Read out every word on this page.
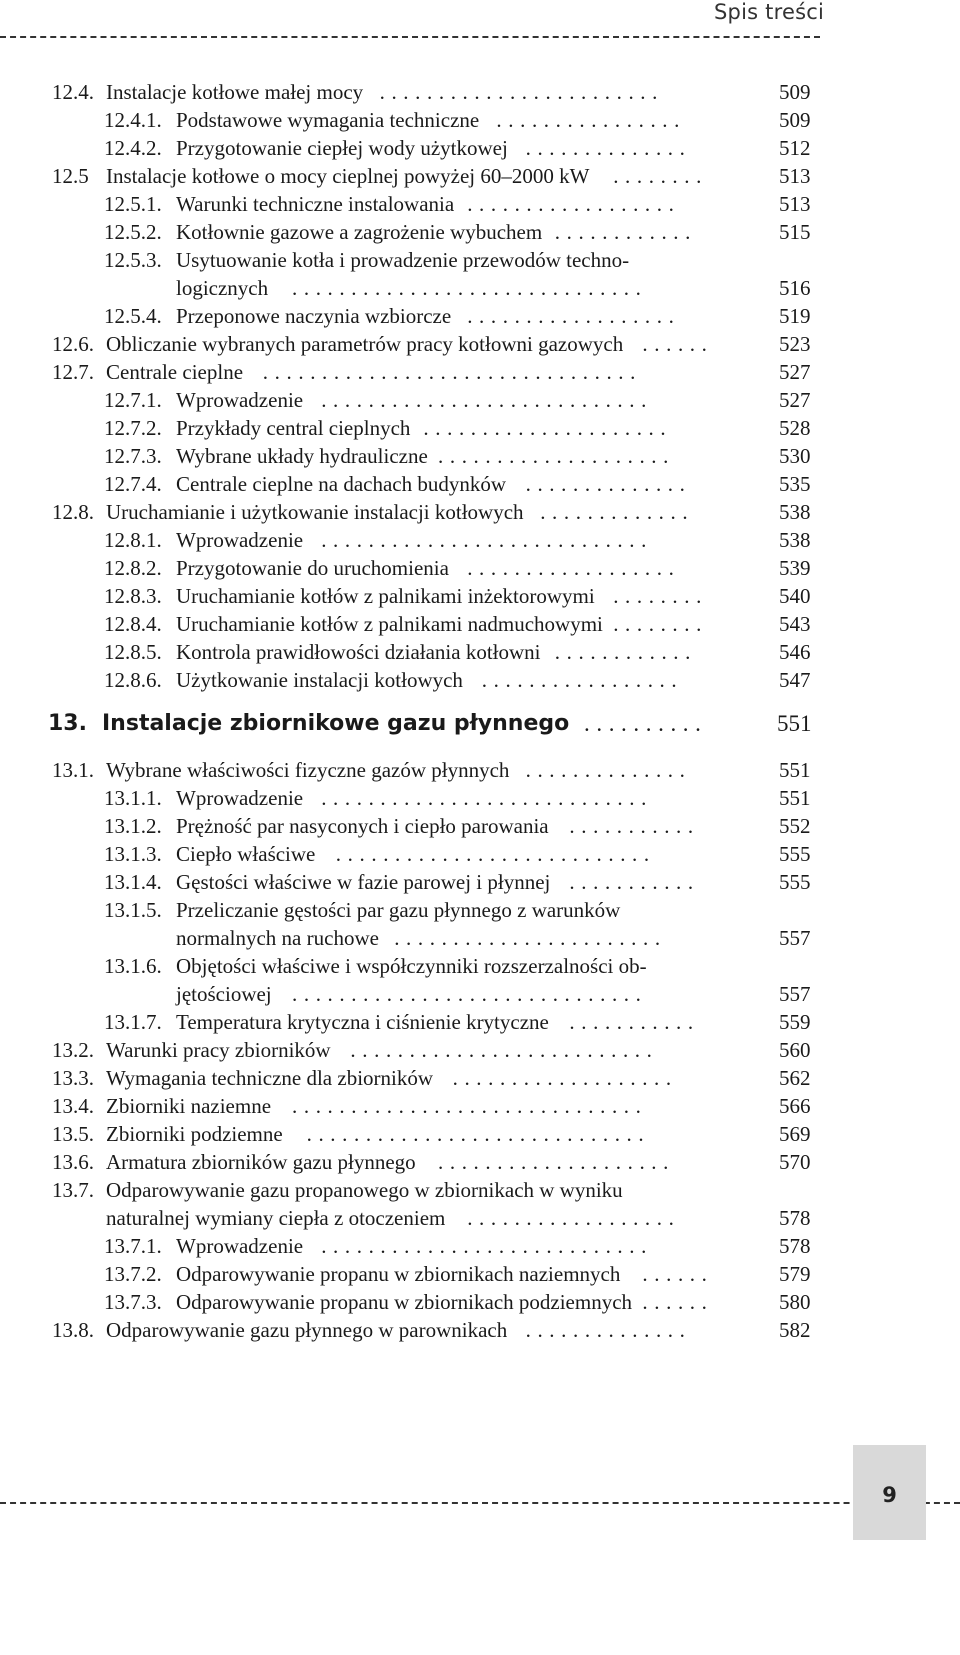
Spis treści
12.4. Instalacje kotłowe małej mocy ........................	509
12.4.1. Podstawowe wymagania techniczne ................	509
12.4.2. Przygotowanie ciepłej wody użytkowej ..............	512
12.5 Instalacje kotłowe o mocy cieplnej powyżej 60–2000 kW ........	513
12.5.1. Warunki techniczne instalowania ..................	513
12.5.2. Kotłownie gazowe a zagrożenie wybuchem ............	515
12.5.3. Usytuowanie kotła i prowadzenie przewodów techno-
logicznych ..............................	516
12.5.4. Przeponowe naczynia wzbiorcze ..................	519
12.6. Obliczanie wybranych parametrów pracy kotłowni gazowych ......	523
12.7. Centrale cieplne ................................	527
12.7.1. Wprowadzenie ............................	527
12.7.2. Przykłady central cieplnych .....................	528
12.7.3. Wybrane układy hydrauliczne ....................	530
12.7.4. Centrale cieplne na dachach budynków ..............	535
12.8. Uruchamianie i użytkowanie instalacji kotłowych .............	538
12.8.1. Wprowadzenie ............................	538
12.8.2. Przygotowanie do uruchomienia ..................	539
12.8.3. Uruchamianie kotłów z palnikami inżektorowymi ........	540
12.8.4. Uruchamianie kotłów z palnikami nadmuchowymi ........	543
12.8.5. Kontrola prawidłowości działania kotłowni ............	546
12.8.6. Użytkowanie instalacji kotłowych .................	547
13. Instalacje zbiornikowe gazu płynnego ..........	551
13.1. Wybrane właściwości fizyczne gazów płynnych ..............	551
13.1.1. Wprowadzenie ............................	551
13.1.2. Prężność par nasyconych i ciepło parowania ...........	552
13.1.3. Ciepło właściwe ...........................	555
13.1.4. Gęstości właściwe w fazie parowej i płynnej ...........	555
13.1.5. Przeliczanie gęstości par gazu płynnego z warunków
normalnych na ruchowe .......................	557
13.1.6. Objętości właściwe i współczynniki rozszerzalności ob-
jętościowej ..............................	557
13.1.7. Temperatura krytyczna i ciśnienie krytyczne ...........	559
13.2. Warunki pracy zbiorników ..........................	560
13.3. Wymagania techniczne dla zbiorników ...................	562
13.4. Zbiorniki naziemne ..............................	566
13.5. Zbiorniki podziemne .............................	569
13.6. Armatura zbiorników gazu płynnego ....................	570
13.7. Odparowywanie gazu propanowego w zbiornikach w wyniku
naturalnej wymiany ciepła z otoczeniem ..................	578
13.7.1. Wprowadzenie ............................	578
13.7.2. Odparowywanie propanu w zbiornikach naziemnych ......	579
13.7.3. Odparowywanie propanu w zbiornikach podziemnych ......	580
13.8. Odparowywanie gazu płynnego w parownikach ..............	582
9
